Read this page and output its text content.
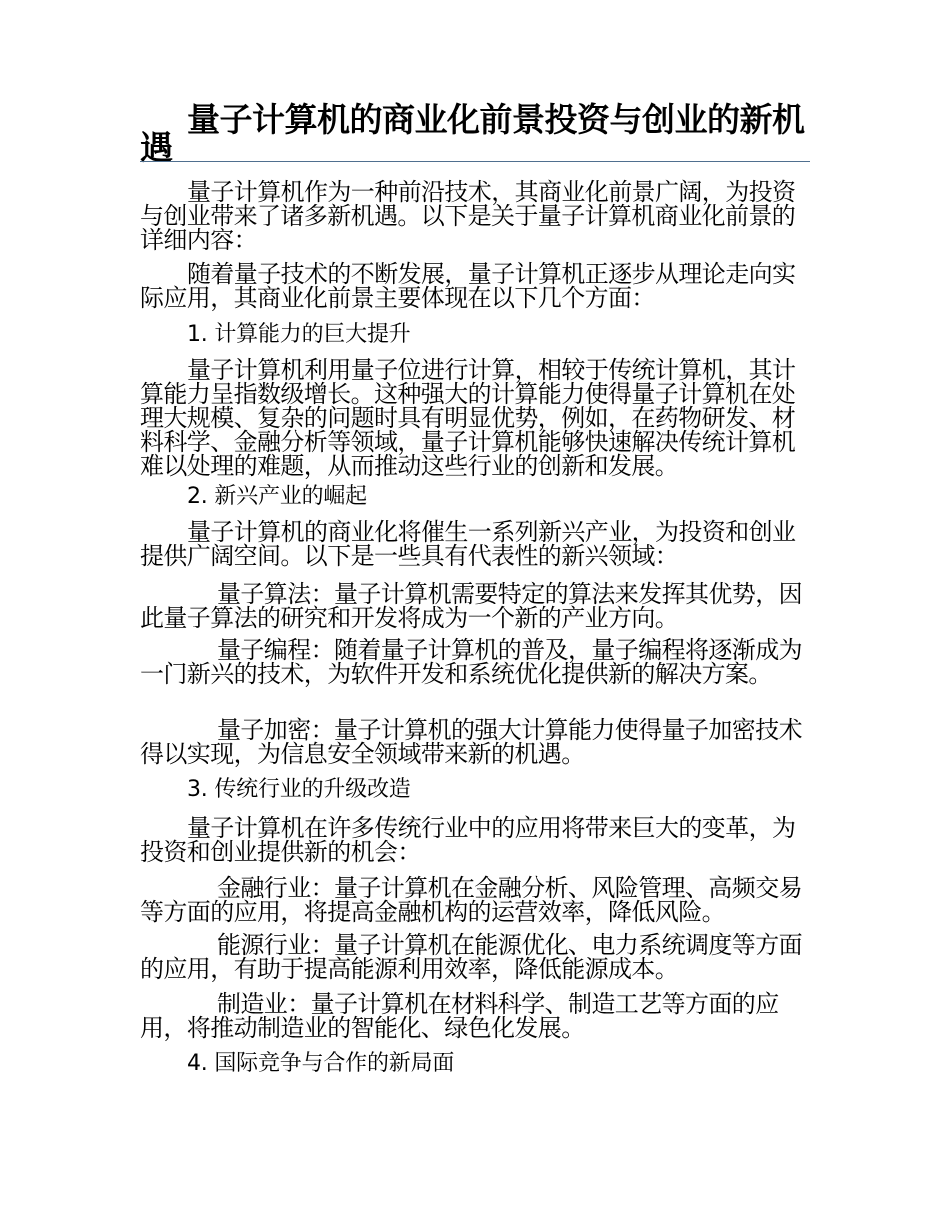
量子计算机的商业化前景投资与创业的新机遇

量子计算机作为一种前沿技术，其商业化前景广阔，为投资与创业带来了诸多新机遇。以下是关于量子计算机商业化前景的详细内容：

随着量子技术的不断发展，量子计算机正逐步从理论走向实际应用，其商业化前景主要体现在以下几个方面：

1. 计算能力的巨大提升

量子计算机利用量子位进行计算，相较于传统计算机，其计算能力呈指数级增长。这种强大的计算能力使得量子计算机在处理大规模、复杂的问题时具有明显优势，例如，在药物研发、材料科学、金融分析等领域，量子计算机能够快速解决传统计算机难以处理的难题，从而推动这些行业的创新和发展。

2. 新兴产业的崛起

量子计算机的商业化将催生一系列新兴产业，为投资和创业提供广阔空间。以下是一些具有代表性的新兴领域：

量子算法：量子计算机需要特定的算法来发挥其优势，因此量子算法的研究和开发将成为一个新的产业方向。

量子编程：随着量子计算机的普及，量子编程将逐渐成为一门新兴的技术，为软件开发和系统优化提供新的解决方案。

量子加密：量子计算机的强大计算能力使得量子加密技术得以实现，为信息安全领域带来新的机遇。

3. 传统行业的升级改造

量子计算机在许多传统行业中的应用将带来巨大的变革，为投资和创业提供新的机会：

金融行业：量子计算机在金融分析、风险管理、高频交易等方面的应用，将提高金融机构的运营效率，降低风险。

能源行业：量子计算机在能源优化、电力系统调度等方面的应用，有助于提高能源利用效率，降低能源成本。

制造业：量子计算机在材料科学、制造工艺等方面的应用，将推动制造业的智能化、绿色化发展。

4. 国际竞争与合作的新局面
